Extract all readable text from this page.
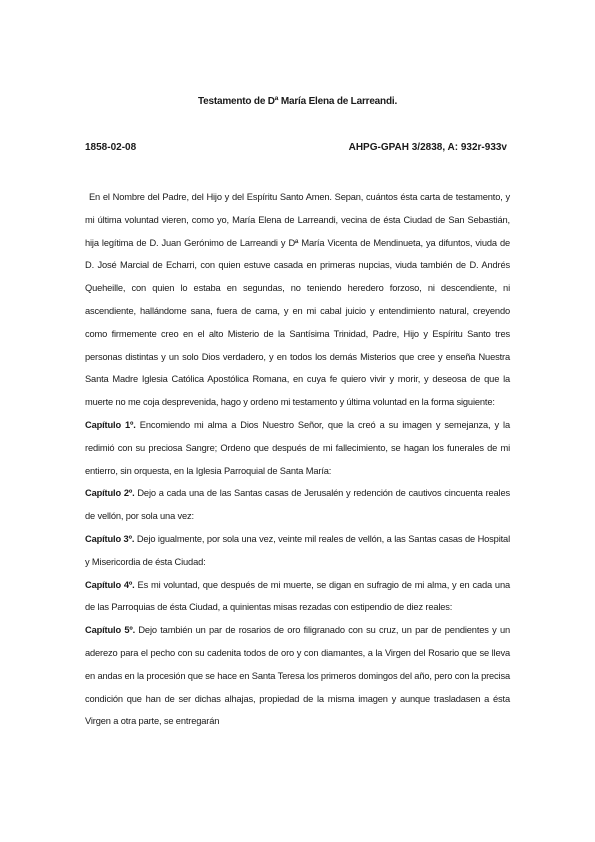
Testamento de Dª María Elena de Larreandi.
1858-02-08	AHPG-GPAH 3/2838, A: 932r-933v

En el Nombre del Padre, del Hijo y del Espíritu Santo Amen. Sepan, cuántos ésta carta de testamento, y mi última voluntad vieren, como yo, María Elena de Larreandi, vecina de ésta Ciudad de San Sebastián, hija legítima de D. Juan Gerónimo de Larreandi y Dª María Vicenta de Mendinueta, ya difuntos, viuda de D. José Marcial de Echarri, con quien estuve casada en primeras nupcias, viuda también de D. Andrés Queheille, con quien lo estaba en segundas, no teniendo heredero forzoso, ni descendiente, ni ascendiente, hallándome sana, fuera de cama, y en mi cabal juicio y entendimiento natural, creyendo como firmemente creo en el alto Misterio de la Santísima Trinidad, Padre, Hijo y Espíritu Santo tres personas distintas y un solo Dios verdadero, y en todos los demás Misterios que cree y enseña Nuestra Santa Madre Iglesia Católica Apostólica Romana, en cuya fe quiero vivir y morir, y deseosa de que la muerte no me coja desprevenida, hago y ordeno mi testamento y última voluntad en la forma siguiente:

Capítulo 1º. Encomiendo mi alma a Dios Nuestro Señor, que la creó a su imagen y semejanza, y la redimió con su preciosa Sangre; Ordeno que después de mi fallecimiento, se hagan los funerales de mi entierro, sin orquesta, en la Iglesia Parroquial de Santa María:

Capítulo 2º. Dejo a cada una de las Santas casas de Jerusalén y redención de cautivos cincuenta reales de vellón, por sola una vez:

Capítulo 3º. Dejo igualmente, por sola una vez, veinte mil reales de vellón, a las Santas casas de Hospital y Misericordia de ésta Ciudad:

Capítulo 4º. Es mi voluntad, que después de mi muerte, se digan en sufragio de mi alma, y en cada una de las Parroquias de ésta Ciudad, a quinientas misas rezadas con estipendio de diez reales:

Capítulo 5º. Dejo también un par de rosarios de oro filigranado con su cruz, un par de pendientes y un aderezo para el pecho con su cadenita todos de oro y con diamantes, a la Virgen del Rosario que se lleva en andas en la procesión que se hace en Santa Teresa los primeros domingos del año, pero con la precisa condición que han de ser dichas alhajas, propiedad de la misma imagen y aunque trasladasen a ésta Virgen a otra parte, se entregarán
